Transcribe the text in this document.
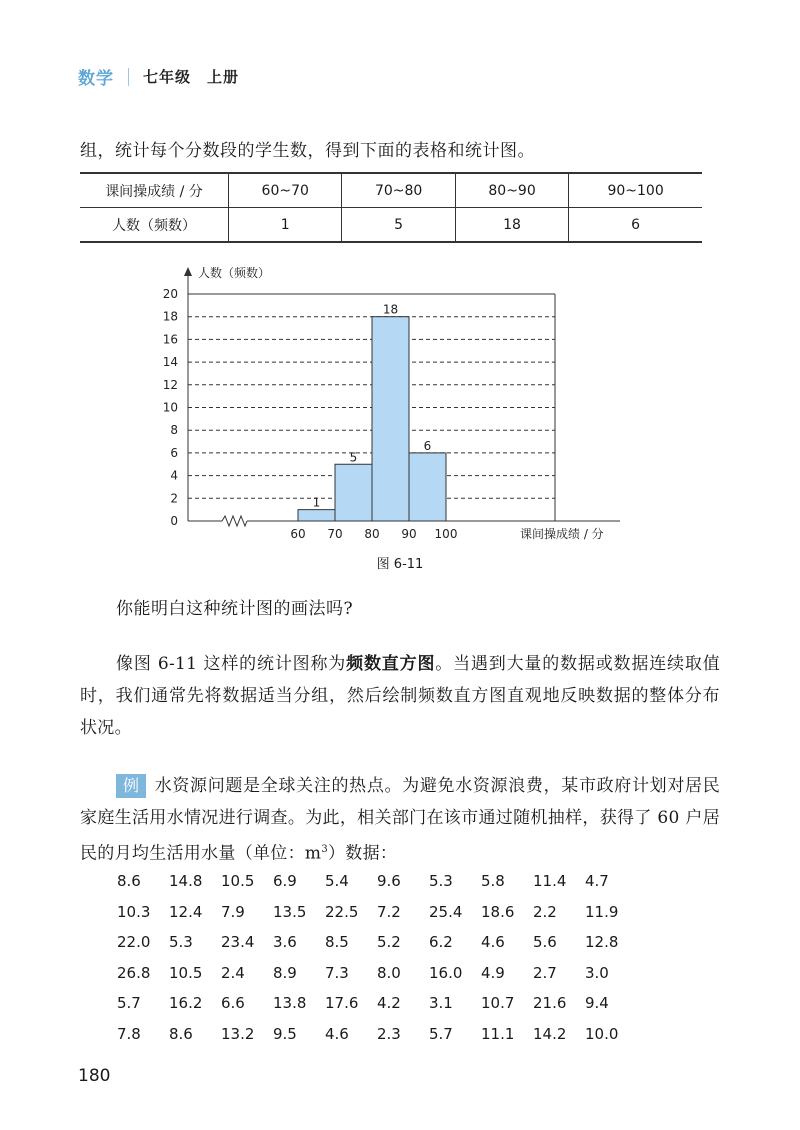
数学 七年级　上册
组，统计每个分数段的学生数，得到下面的表格和统计图。
课间操成绩 / 分	60~70	70~80	80~90	90~100
人数（频数）	1	5	18	6
0
2
4
6
8
10
12
14
16
18
20
1
5
18
6
人数（频数）
课间操成绩 / 分
60 70 80 90 100
图 6-11
你能明白这种统计图的画法吗?
像图 6-11 这样的统计图称为频数直方图。当遇到大量的数据或数据连续取值时，我们通常先将数据适当分组，然后绘制频数直方图直观地反映数据的整体分布状况。
例 水资源问题是全球关注的热点。为避免水资源浪费，某市政府计划对居民家庭生活用水情况进行调查。为此，相关部门在该市通过随机抽样，获得了 60 户居民的月均生活用水量（单位：$m^3$）数据：
8.6	14.8	10.5	6.9	5.4	9.6	5.3	5.8	11.4	4.7
10.3	12.4	7.9	13.5	22.5	7.2	25.4	18.6	2.2	11.9
22.0	5.3	23.4	3.6	8.5	5.2	6.2	4.6	5.6	12.8
26.8	10.5	2.4	8.9	7.3	8.0	16.0	4.9	2.7	3.0
5.7	16.2	6.6	13.8	17.6	4.2	3.1	10.7	21.6	9.4
7.8	8.6	13.2	9.5	4.6	2.3	5.7	11.1	14.2	10.0
180
